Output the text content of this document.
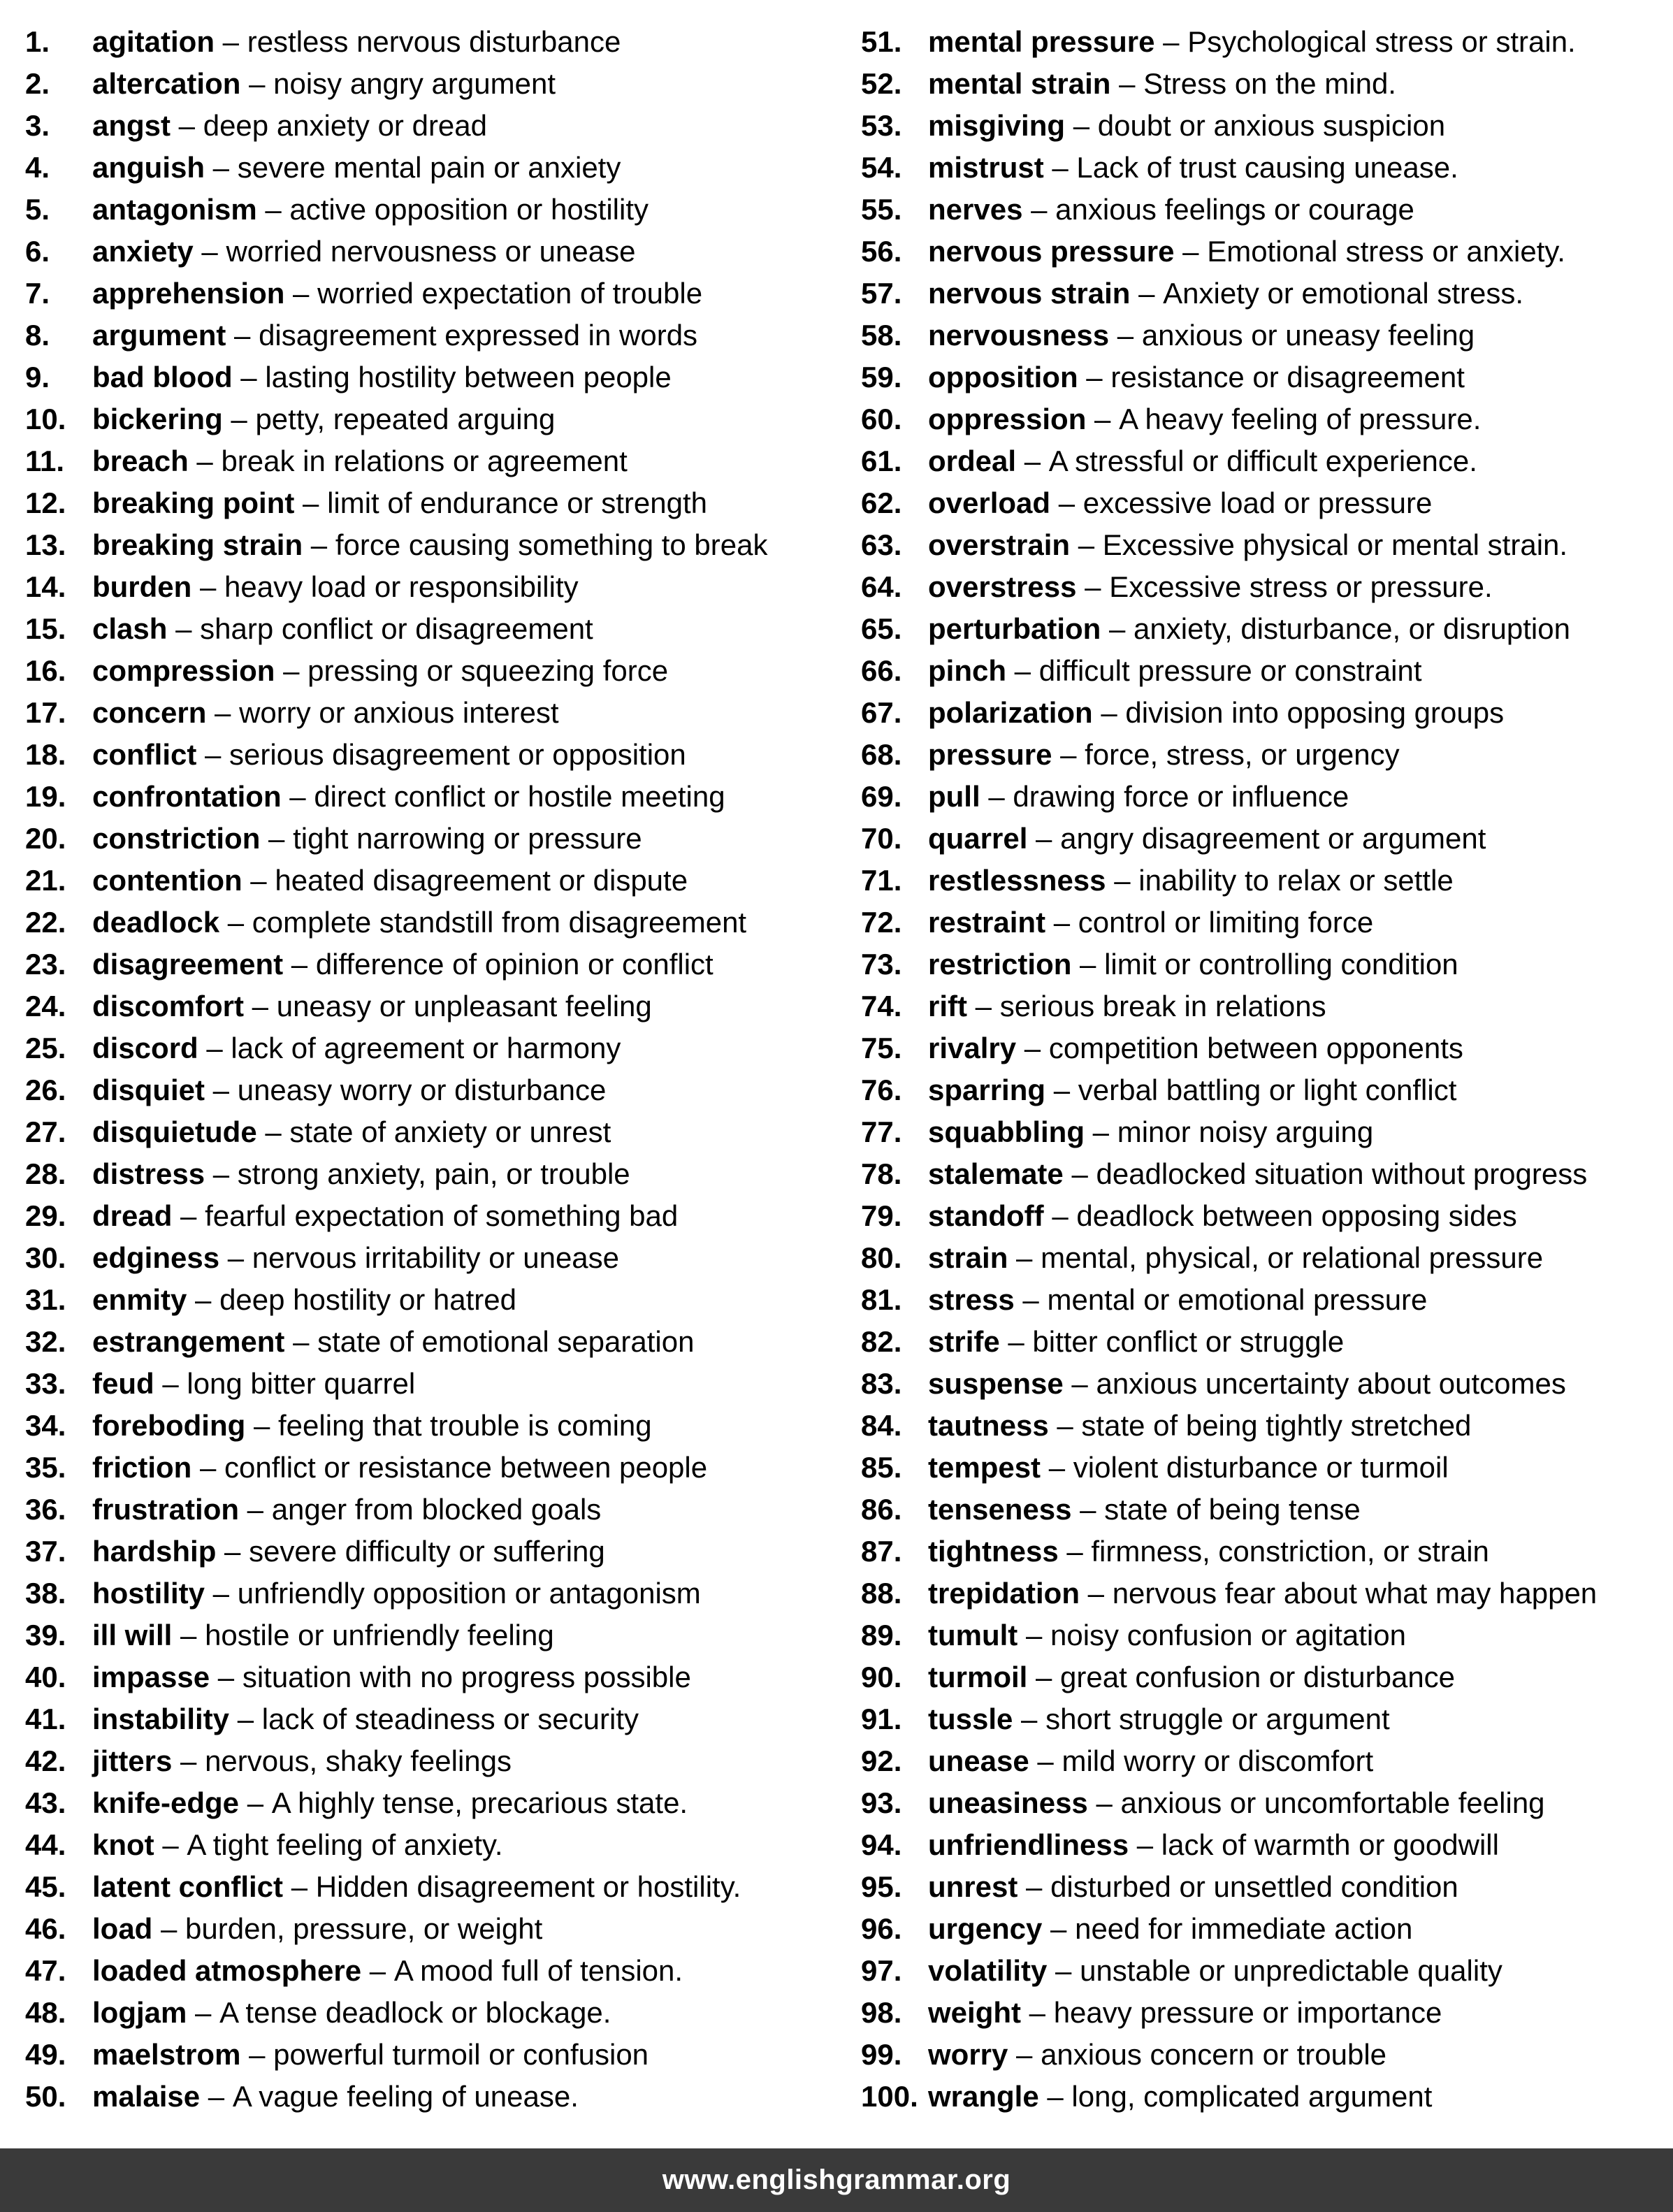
1.	agitation – restless nervous disturbance
2.	altercation – noisy angry argument
3.	angst – deep anxiety or dread
4.	anguish – severe mental pain or anxiety
5.	antagonism – active opposition or hostility
6.	anxiety – worried nervousness or unease
7.	apprehension – worried expectation of trouble
8.	argument – disagreement expressed in words
9.	bad blood – lasting hostility between people
10. bickering – petty, repeated arguing
11. breach – break in relations or agreement
12. breaking point – limit of endurance or strength
13. breaking strain – force causing something to break
14. burden – heavy load or responsibility
15. clash – sharp conflict or disagreement
16. compression – pressing or squeezing force
17. concern – worry or anxious interest
18. conflict – serious disagreement or opposition
19. confrontation – direct conflict or hostile meeting
20. constriction – tight narrowing or pressure
21. contention – heated disagreement or dispute
22. deadlock – complete standstill from disagreement
23. disagreement – difference of opinion or conflict
24. discomfort – uneasy or unpleasant feeling
25. discord – lack of agreement or harmony
26. disquiet – uneasy worry or disturbance
27. disquietude – state of anxiety or unrest
28. distress – strong anxiety, pain, or trouble
29. dread – fearful expectation of something bad
30. edginess – nervous irritability or unease
31. enmity – deep hostility or hatred
32. estrangement – state of emotional separation
33. feud – long bitter quarrel
34. foreboding – feeling that trouble is coming
35. friction – conflict or resistance between people
36. frustration – anger from blocked goals
37. hardship – severe difficulty or suffering
38. hostility – unfriendly opposition or antagonism
39. ill will – hostile or unfriendly feeling
40. impasse – situation with no progress possible
41. instability – lack of steadiness or security
42. jitters – nervous, shaky feelings
43. knife-edge – A highly tense, precarious state.
44. knot – A tight feeling of anxiety.
45. latent conflict – Hidden disagreement or hostility.
46. load – burden, pressure, or weight
47. loaded atmosphere – A mood full of tension.
48. logjam – A tense deadlock or blockage.
49. maelstrom – powerful turmoil or confusion
50. malaise – A vague feeling of unease.
51. mental pressure – Psychological stress or strain.
52. mental strain – Stress on the mind.
53. misgiving – doubt or anxious suspicion
54. mistrust – Lack of trust causing unease.
55. nerves – anxious feelings or courage
56. nervous pressure – Emotional stress or anxiety.
57. nervous strain – Anxiety or emotional stress.
58. nervousness – anxious or uneasy feeling
59. opposition – resistance or disagreement
60. oppression – A heavy feeling of pressure.
61. ordeal – A stressful or difficult experience.
62. overload – excessive load or pressure
63. overstrain – Excessive physical or mental strain.
64. overstress – Excessive stress or pressure.
65. perturbation – anxiety, disturbance, or disruption
66. pinch – difficult pressure or constraint
67. polarization – division into opposing groups
68. pressure – force, stress, or urgency
69. pull – drawing force or influence
70. quarrel – angry disagreement or argument
71. restlessness – inability to relax or settle
72. restraint – control or limiting force
73. restriction – limit or controlling condition
74. rift – serious break in relations
75. rivalry – competition between opponents
76. sparring – verbal battling or light conflict
77. squabbling – minor noisy arguing
78. stalemate – deadlocked situation without progress
79. standoff – deadlock between opposing sides
80. strain – mental, physical, or relational pressure
81. stress – mental or emotional pressure
82. strife – bitter conflict or struggle
83. suspense – anxious uncertainty about outcomes
84. tautness – state of being tightly stretched
85. tempest – violent disturbance or turmoil
86. tenseness – state of being tense
87. tightness – firmness, constriction, or strain
88. trepidation – nervous fear about what may happen
89. tumult – noisy confusion or agitation
90. turmoil – great confusion or disturbance
91. tussle – short struggle or argument
92. unease – mild worry or discomfort
93. uneasiness – anxious or uncomfortable feeling
94. unfriendliness – lack of warmth or goodwill
95. unrest – disturbed or unsettled condition
96. urgency – need for immediate action
97. volatility – unstable or unpredictable quality
98. weight – heavy pressure or importance
99. worry – anxious concern or trouble
100. wrangle – long, complicated argument
www.englishgrammar.org
